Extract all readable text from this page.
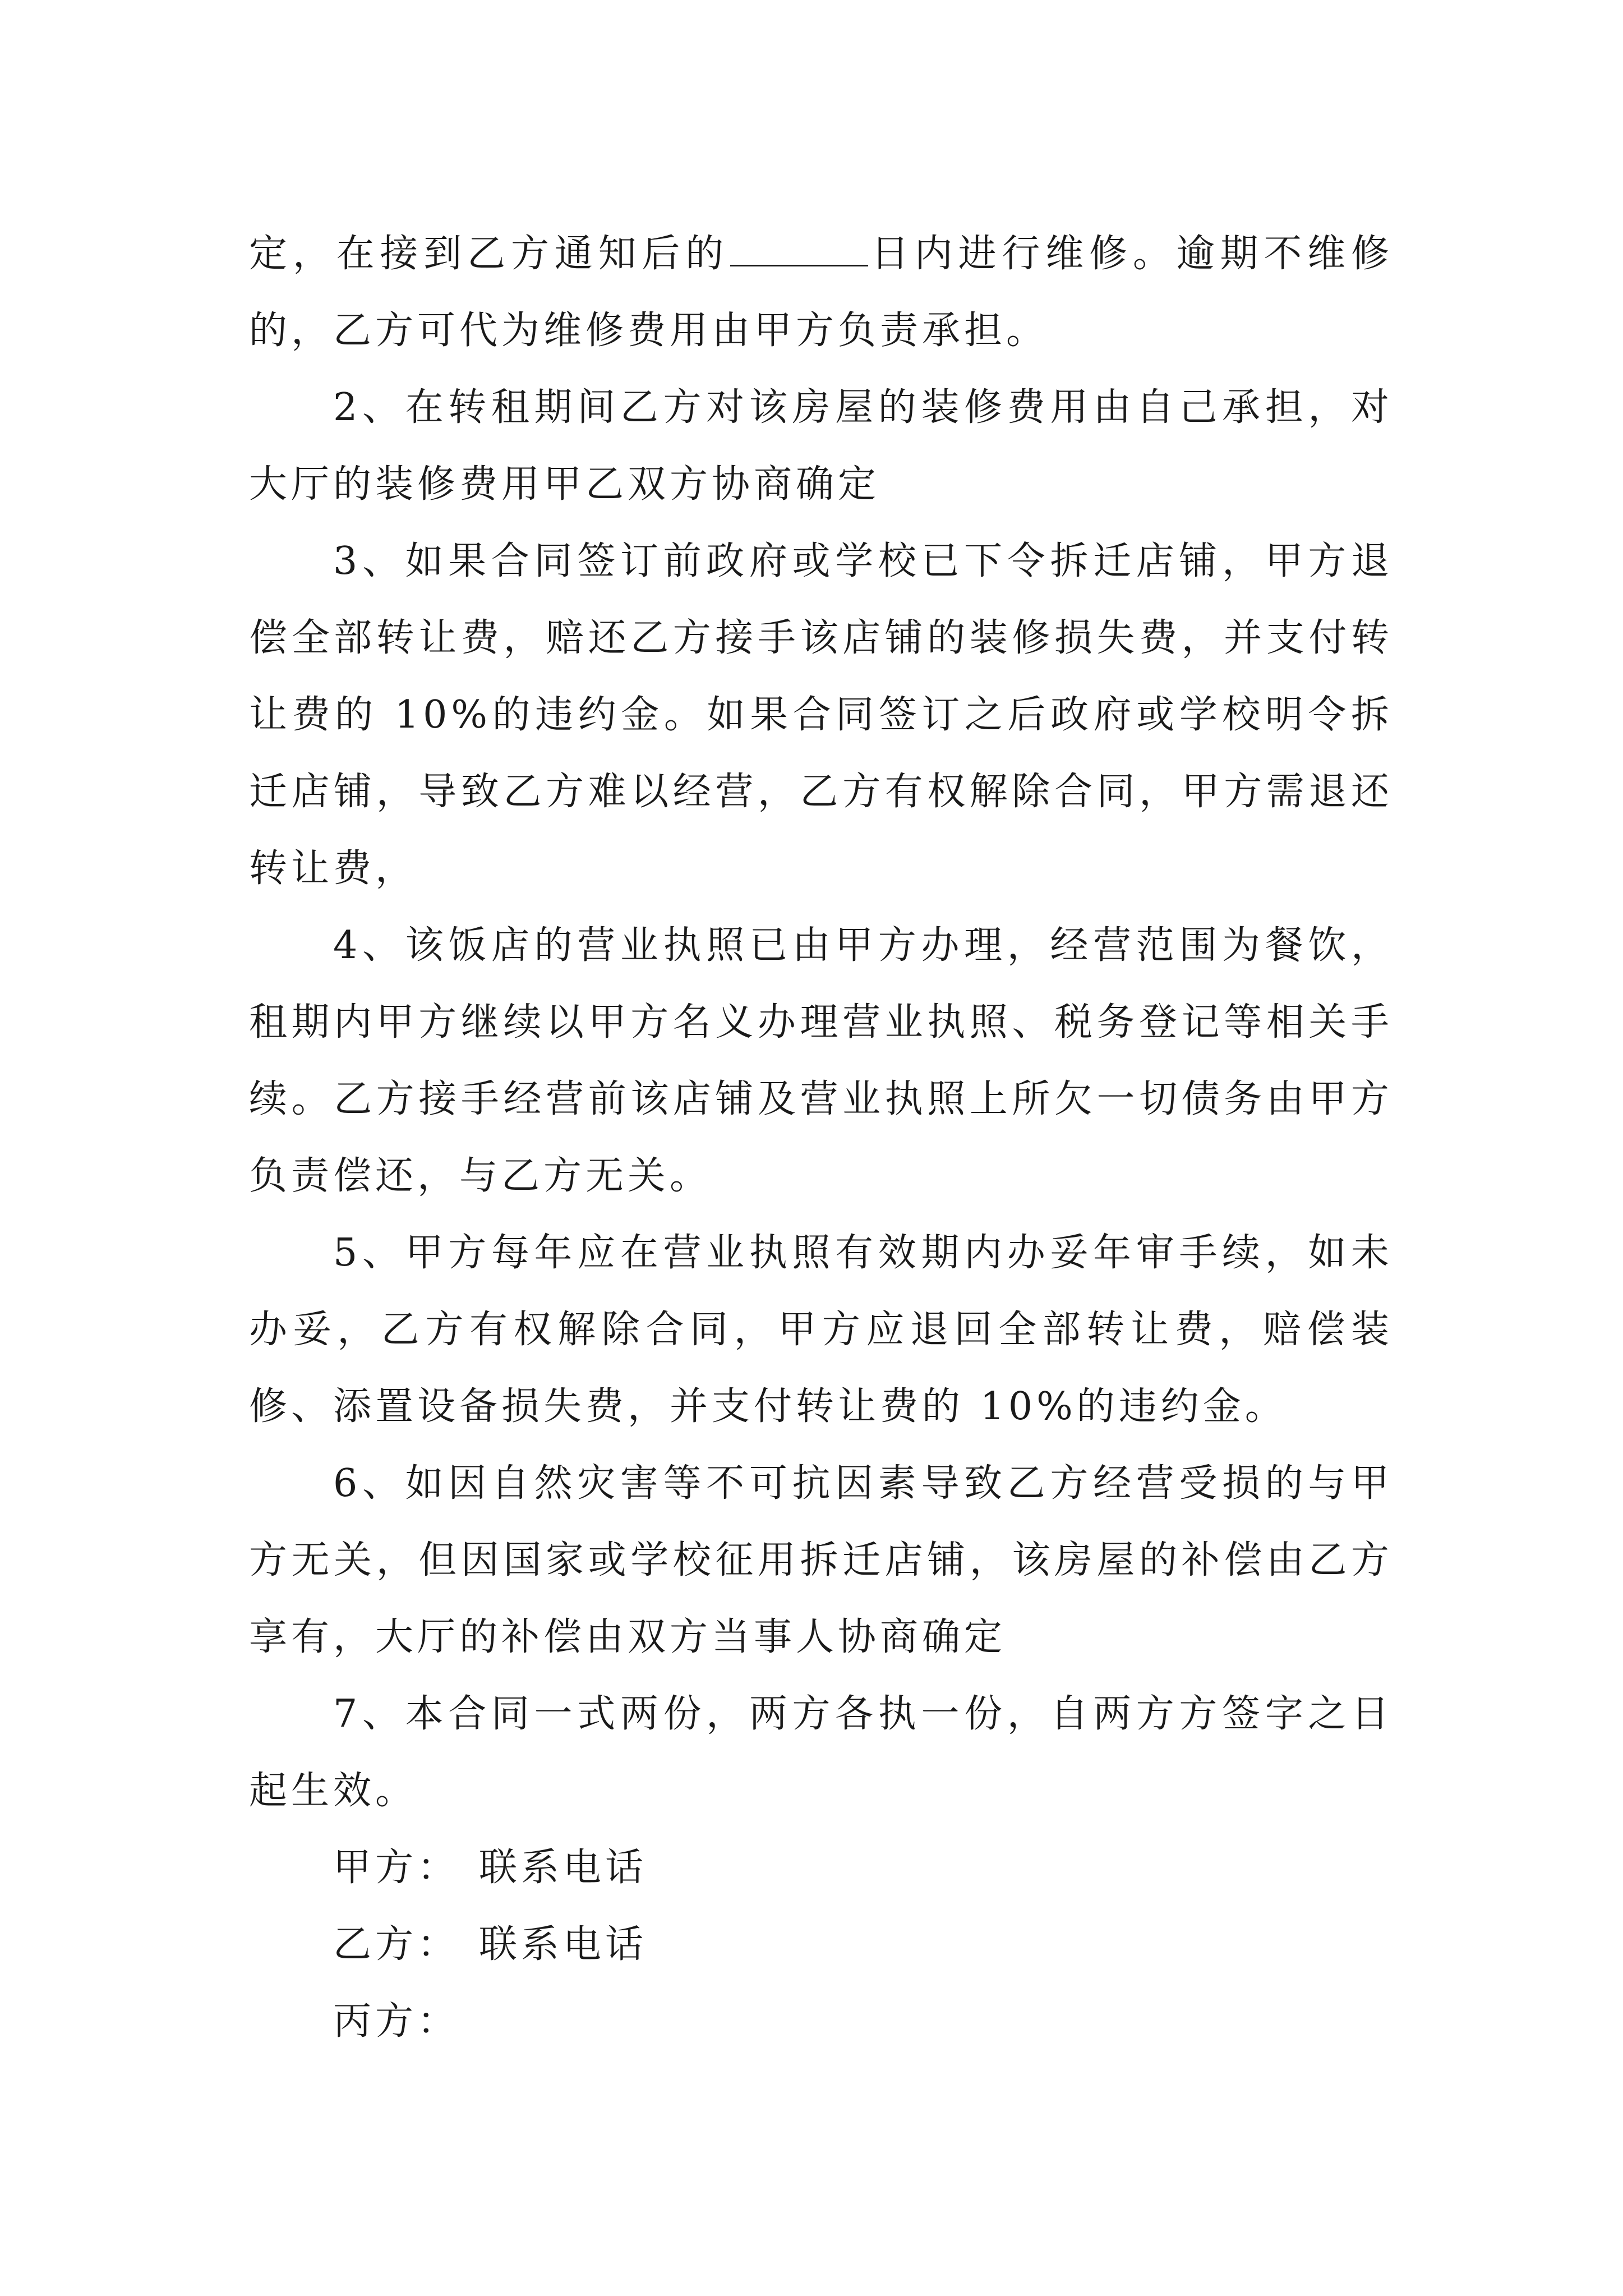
定，在接到乙方通知后的	日内进行维修。逾期不维修的，乙方可代为维修费用由甲方负责承担。

2、在转租期间乙方对该房屋的装修费用由自己承担，对大厅的装修费用甲乙双方协商确定

3、如果合同签订前政府或学校已下令拆迁店铺，甲方退偿全部转让费，赔还乙方接手该店铺的装修损失费，并支付转让费的 10%的违约金。如果合同签订之后政府或学校明令拆迁店铺，导致乙方难以经营，乙方有权解除合同，甲方需退还转让费，

4、该饭店的营业执照已由甲方办理，经营范围为餐饮，租期内甲方继续以甲方名义办理营业执照、税务登记等相关手续。乙方接手经营前该店铺及营业执照上所欠一切债务由甲方负责偿还，与乙方无关。

5、甲方每年应在营业执照有效期内办妥年审手续，如未办妥，乙方有权解除合同，甲方应退回全部转让费，赔偿装修、添置设备损失费，并支付转让费的 10%的违约金。

6、如因自然灾害等不可抗因素导致乙方经营受损的与甲方无关，但因国家或学校征用拆迁店铺，该房屋的补偿由乙方享有，大厅的补偿由双方当事人协商确定

7、本合同一式两份，两方各执一份，自两方方签字之日起生效。

甲方： 联系电话
乙方： 联系电话
丙方：
